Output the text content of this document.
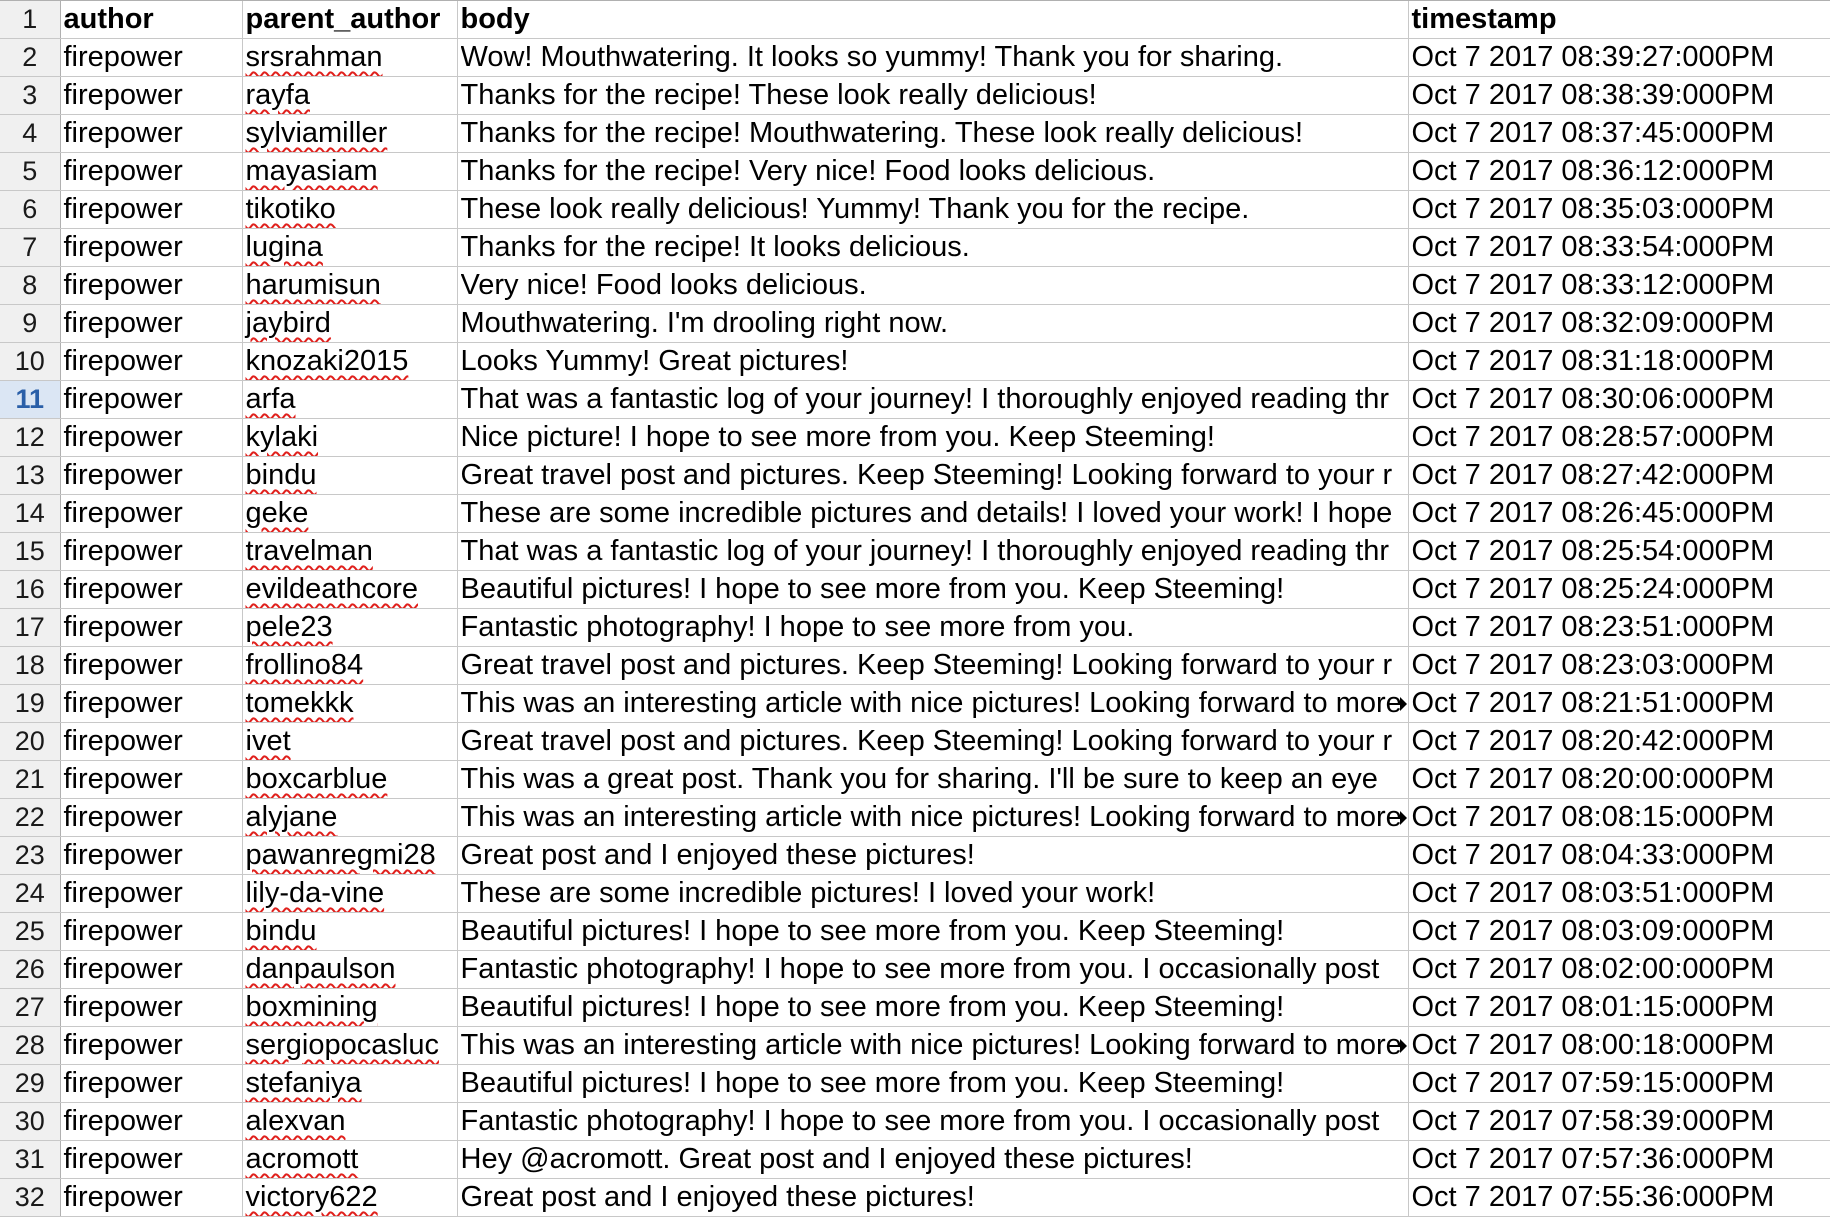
1	author	parent_author	body	timestamp
2	firepower	srsrahman	Wow! Mouthwatering. It looks so yummy! Thank you for sharing.	Oct 7 2017 08:39:27:000PM
3	firepower	rayfa	Thanks for the recipe! These look really delicious!	Oct 7 2017 08:38:39:000PM
4	firepower	sylviamiller	Thanks for the recipe! Mouthwatering. These look really delicious!	Oct 7 2017 08:37:45:000PM
5	firepower	mayasiam	Thanks for the recipe! Very nice! Food looks delicious.	Oct 7 2017 08:36:12:000PM
6	firepower	tikotiko	These look really delicious! Yummy! Thank you for the recipe.	Oct 7 2017 08:35:03:000PM
7	firepower	lugina	Thanks for the recipe! It looks delicious.	Oct 7 2017 08:33:54:000PM
8	firepower	harumisun	Very nice! Food looks delicious.	Oct 7 2017 08:33:12:000PM
9	firepower	jaybird	Mouthwatering. I'm drooling right now.	Oct 7 2017 08:32:09:000PM
10	firepower	knozaki2015	Looks Yummy! Great pictures!	Oct 7 2017 08:31:18:000PM
11	firepower	arfa	That was a fantastic log of your journey! I thoroughly enjoyed reading thr	Oct 7 2017 08:30:06:000PM
12	firepower	kylaki	Nice picture! I hope to see more from you. Keep Steeming!	Oct 7 2017 08:28:57:000PM
13	firepower	bindu	Great travel post and pictures. Keep Steeming! Looking forward to your r	Oct 7 2017 08:27:42:000PM
14	firepower	geke	These are some incredible pictures and details! I loved your work! I hope	Oct 7 2017 08:26:45:000PM
15	firepower	travelman	That was a fantastic log of your journey! I thoroughly enjoyed reading thr	Oct 7 2017 08:25:54:000PM
16	firepower	evildeathcore	Beautiful pictures! I hope to see more from you. Keep Steeming!	Oct 7 2017 08:25:24:000PM
17	firepower	pele23	Fantastic photography! I hope to see more from you.	Oct 7 2017 08:23:51:000PM
18	firepower	frollino84	Great travel post and pictures. Keep Steeming! Looking forward to your r	Oct 7 2017 08:23:03:000PM
19	firepower	tomekkk	This was an interesting article with nice pictures! Looking forward to more	Oct 7 2017 08:21:51:000PM
20	firepower	ivet	Great travel post and pictures. Keep Steeming! Looking forward to your r	Oct 7 2017 08:20:42:000PM
21	firepower	boxcarblue	This was a great post. Thank you for sharing. I'll be sure to keep an eye	Oct 7 2017 08:20:00:000PM
22	firepower	alyjane	This was an interesting article with nice pictures! Looking forward to more	Oct 7 2017 08:08:15:000PM
23	firepower	pawanregmi28	Great post and I enjoyed these pictures!	Oct 7 2017 08:04:33:000PM
24	firepower	lily-da-vine	These are some incredible pictures! I loved your work!	Oct 7 2017 08:03:51:000PM
25	firepower	bindu	Beautiful pictures! I hope to see more from you. Keep Steeming!	Oct 7 2017 08:03:09:000PM
26	firepower	danpaulson	Fantastic photography! I hope to see more from you. I occasionally post	Oct 7 2017 08:02:00:000PM
27	firepower	boxmining	Beautiful pictures! I hope to see more from you. Keep Steeming!	Oct 7 2017 08:01:15:000PM
28	firepower	sergiopocasluc	This was an interesting article with nice pictures! Looking forward to more	Oct 7 2017 08:00:18:000PM
29	firepower	stefaniya	Beautiful pictures! I hope to see more from you. Keep Steeming!	Oct 7 2017 07:59:15:000PM
30	firepower	alexvan	Fantastic photography! I hope to see more from you. I occasionally post	Oct 7 2017 07:58:39:000PM
31	firepower	acromott	Hey @acromott. Great post and I enjoyed these pictures!	Oct 7 2017 07:57:36:000PM
32	firepower	victory622	Great post and I enjoyed these pictures!	Oct 7 2017 07:55:36:000PM
